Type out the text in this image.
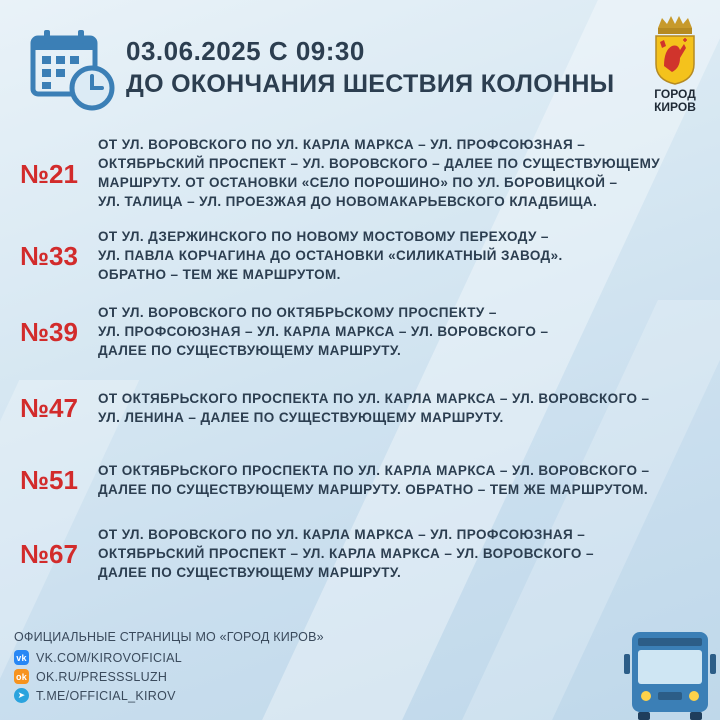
03.06.2025 С 09:30
ДО ОКОНЧАНИЯ ШЕСТВИЯ КОЛОННЫ	ГОРОД
КИРОВ
№21
ОТ УЛ. ВОРОВСКОГО ПО УЛ. КАРЛА МАРКСА – УЛ. ПРОФСОЮЗНАЯ –
ОКТЯБРЬСКИЙ ПРОСПЕКТ – УЛ. ВОРОВСКОГО – ДАЛЕЕ ПО СУЩЕСТВУЮЩЕМУ
МАРШРУТУ. ОТ ОСТАНОВКИ «СЕЛО ПОРОШИНО» ПО УЛ. БОРОВИЦКОЙ –
УЛ. ТАЛИЦА – УЛ. ПРОЕЗЖАЯ ДО НОВОМАКАРЬЕВСКОГО КЛАДБИЩА.
№33
ОТ УЛ. ДЗЕРЖИНСКОГО ПО НОВОМУ МОСТОВОМУ ПЕРЕХОДУ –
УЛ. ПАВЛА КОРЧАГИНА ДО ОСТАНОВКИ «СИЛИКАТНЫЙ ЗАВОД».
ОБРАТНО – ТЕМ ЖЕ МАРШРУТОМ.
№39
ОТ УЛ. ВОРОВСКОГО ПО ОКТЯБРЬСКОМУ ПРОСПЕКТУ –
УЛ. ПРОФСОЮЗНАЯ – УЛ. КАРЛА МАРКСА – УЛ. ВОРОВСКОГО –
ДАЛЕЕ ПО СУЩЕСТВУЮЩЕМУ МАРШРУТУ.
№47 ОТ ОКТЯБРЬСКОГО ПРОСПЕКТА ПО УЛ. КАРЛА МАРКСА – УЛ. ВОРОВСКОГО –
УЛ. ЛЕНИНА – ДАЛЕЕ ПО СУЩЕСТВУЮЩЕМУ МАРШРУТУ.
№51 ОТ ОКТЯБРЬСКОГО ПРОСПЕКТА ПО УЛ. КАРЛА МАРКСА – УЛ. ВОРОВСКОГО –
ДАЛЕЕ ПО СУЩЕСТВУЮЩЕМУ МАРШРУТУ. ОБРАТНО – ТЕМ ЖЕ МАРШРУТОМ.
№67
ОТ УЛ. ВОРОВСКОГО ПО УЛ. КАРЛА МАРКСА – УЛ. ПРОФСОЮЗНАЯ –
ОКТЯБРЬСКИЙ ПРОСПЕКТ – УЛ. КАРЛА МАРКСА – УЛ. ВОРОВСКОГО –
ДАЛЕЕ ПО СУЩЕСТВУЮЩЕМУ МАРШРУТУ.
ОФИЦИАЛЬНЫЕ СТРАНИЦЫ МО «ГОРОД КИРОВ»
vk VK.COM/KIROVOFICIAL
ok OK.RU/PRESSSLUZH
➤ T.ME/OFFICIAL_KIROV
